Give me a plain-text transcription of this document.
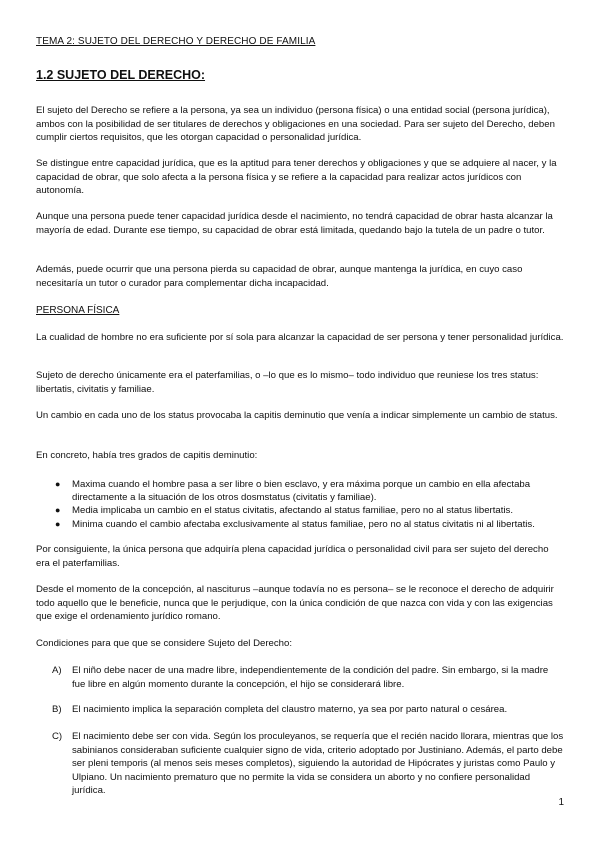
TEMA 2: SUJETO DEL DERECHO Y DERECHO DE FAMILIA
1.2 SUJETO DEL DERECHO:
El sujeto del Derecho se refiere a la persona, ya sea un individuo (persona física) o una entidad social (persona jurídica), ambos con la posibilidad de ser titulares de derechos y obligaciones en una sociedad. Para ser sujeto del Derecho, deben cumplir ciertos requisitos, que les otorgan capacidad o personalidad jurídica.
Se distingue entre capacidad jurídica, que es la aptitud para tener derechos y obligaciones y que se adquiere al nacer, y la capacidad de obrar, que solo afecta a la persona física y se refiere a la capacidad para realizar actos jurídicos con autonomía.
Aunque una persona puede tener capacidad jurídica desde el nacimiento, no tendrá capacidad de obrar hasta alcanzar la mayoría de edad. Durante ese tiempo, su capacidad de obrar está limitada, quedando bajo la tutela de un padre o tutor.
Además, puede ocurrir que una persona pierda su capacidad de obrar, aunque mantenga la jurídica, en cuyo caso necesitaría un tutor o curador para complementar dicha incapacidad.
PERSONA FÍSICA
La cualidad de hombre no era suficiente por sí sola para alcanzar la capacidad de ser persona y tener personalidad jurídica.
Sujeto de derecho únicamente era el paterfamilias, o –lo que es lo mismo– todo individuo que reuniese los tres status: libertatis, civitatis y familiae.
Un cambio en cada uno de los status provocaba la capitis deminutio que venía a indicar simplemente un cambio de status.
En concreto, había tres grados de capitis deminutio:
● Maxima cuando el hombre pasa a ser libre o bien esclavo, y era máxima porque un cambio en ella afectaba directamente a la situación de los otros dosmstatus (civitatis y familiae).
● Media implicaba un cambio en el status civitatis, afectando al status familiae, pero no al status libertatis.
● Minima cuando el cambio afectaba exclusivamente al status familiae, pero no al status civitatis ni al libertatis.
Por consiguiente, la única persona que adquiría plena capacidad jurídica o personalidad civil para ser sujeto del derecho era el paterfamilias.
Desde el momento de la concepción, al nasciturus –aunque todavía no es persona– se le reconoce el derecho de adquirir todo aquello que le beneficie, nunca que le perjudique, con la única condición de que nazca con vida y con las exigencias que exige el ordenamiento jurídico romano.
Condiciones para que que se considere Sujeto del Derecho:
A)	El niño debe nacer de una madre libre, independientemente de la condición del padre. Sin embargo, si la madre fue libre en algún momento durante la concepción, el hijo se considerará libre.
B)	El nacimiento implica la separación completa del claustro materno, ya sea por parto natural o cesárea.
C)	El nacimiento debe ser con vida. Según los proculeyanos, se requería que el recién nacido llorara, mientras que los sabinianos consideraban suficiente cualquier signo de vida, criterio adoptado por Justiniano. Además, el parto debe ser pleni temporis (al menos seis meses completos), siguiendo la autoridad de Hipócrates y juristas como Paulo y Ulpiano. Un nacimiento prematuro que no permite la vida se considera un aborto y no confiere personalidad jurídica.
1
